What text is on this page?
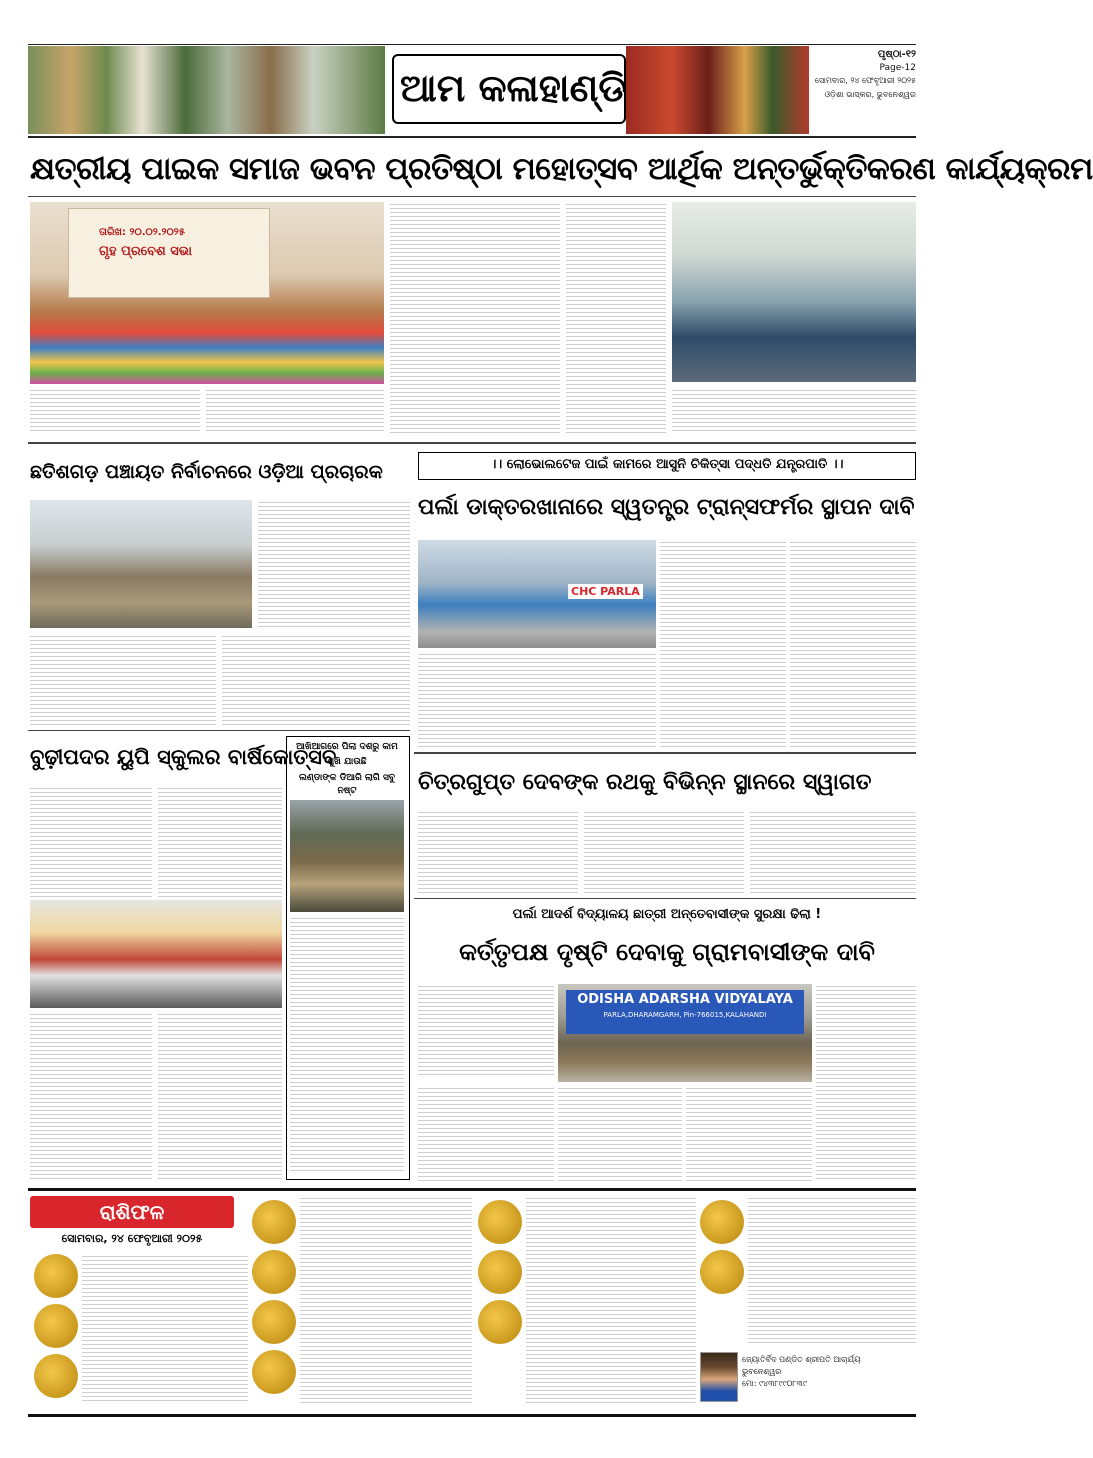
ଆମ କଳାହାଣ୍ଡି
ପୃଷ୍ଠା-୧୨
Page-12
ସୋମବାର, ୨୪ ଫେବୃଆରୀ ୨୦୨୫
ଓଡ଼ିଶା ଭାସ୍କର, ଭୁବନେଶ୍ୱର
କ୍ଷତ୍ରୀୟ ପାଇକ ସମାଜ ଭବନ ପ୍ରତିଷ୍ଠା ମହୋତ୍ସବ ଆର୍ଥିକ ଅନ୍ତର୍ଭୁକ୍ତିକରଣ କାର୍ଯ୍ୟକ୍ରମ
ତାରିଖ: ୨୦.୦୨.୨୦୨୫
ଗୃହ ପ୍ରବେଶ ସଭା
ଛତିଶଗଡ଼ ପଞ୍ଚାୟତ ନିର୍ବାଚନରେ ଓଡ଼ିଆ ପ୍ରଚାରକ	।। ଲୋଭୋଲଟେଜ ପାଇଁ କାମରେ ଆସୁନି ଚିକିତ୍ସା ପଦ୍ଧତି ଯନ୍ତ୍ରପାତି ।।
ପର୍ଲା ଡାକ୍ତରଖାନାରେ ସ୍ୱତନ୍ତ୍ର ଟ୍ରାନ୍ସଫର୍ମର ସ୍ଥାପନ ଦାବି
CHC PARLA
ବୁଢ଼ୀପଦର ୟୁପି ସ୍କୁଲର ବାର୍ଷିକୋତ୍ସବ
ଆଖିଆଗରେ ପିଲା ଦଶରୁ କାମ ଶୁଖି ଯାଉଛି
ଲଣ୍ଡାଙ୍କ ଡିଆରି ଲାଗି ସବୁ ନଷ୍ଟ	ଚିତ୍ରଗୁପ୍ତ ଦେବଙ୍କ ରଥକୁ ବିଭିନ୍ନ ସ୍ଥାନରେ ସ୍ୱାଗତ
ପର୍ଲା ଆଦର୍ଶ ବିଦ୍ୟାଳୟ ଛାତ୍ରୀ ଅନ୍ତେବାସୀଙ୍କ ସୁରକ୍ଷା ଢିଲା !
କର୍ତ୍ତୃପକ୍ଷ ଦୃଷ୍ଟି ଦେବାକୁ ଗ୍ରାମବାସୀଙ୍କ ଦାବି
ODISHA ADARSHA VIDYALAYA
PARLA,DHARAMGARH, Pin-766015,KALAHANDI
ରାଶିଫଳ
ସୋମବାର, ୨୪ ଫେବୃଆରୀ ୨୦୨୫
ଜ୍ୟୋତିର୍ବିଦ ପଣ୍ଡିତ ଶ୍ରୀପତି ଆଚାର୍ଯ୍ୟ
ଭୁବନେଶ୍ୱର
ମୋ: ୯୪୩୮୯୯୦୮୩୯
